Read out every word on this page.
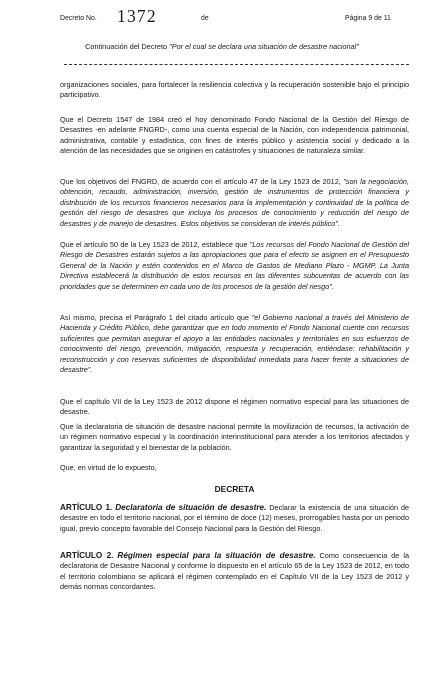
Decreto No. 1372	de	Página 9 de 11
Continuación del Decreto "Por el cual se declara una situación de desastre nacional"
organizaciones sociales, para fortalecer la resiliencia colectiva y la recuperación sostenible bajo el principio participativo.
Que el Decreto 1547 de 1984 creó el hoy denominado Fondo Nacional de la Gestión del Riesgo de Desastres -en adelante FNGRD-, como una cuenta especial de la Nación, con independencia patrimonial, administrativa, contable y estadística, con fines de interés público y asistencia social y dedicado a la atención de las necesidades que se originen en catástrofes y situaciones de naturaleza similar.
Que los objetivos del FNGRD, de acuerdo con el artículo 47 de la Ley 1523 de 2012, "son la negociación, obtención, recaudo, administración, inversión, gestión de instrumentos de protección financiera y distribución de los recursos financieros necesarios para la implementación y continuidad de la política de gestión del riesgo de desastres que incluya los procesos de conocimiento y reducción del riesgo de desastres y de manejo de desastres. Estos objetivos se consideran de interés público".
Que el artículo 50 de la Ley 1523 de 2012, establece que "Los recursos del Fondo Nacional de Gestión del Riesgo de Desastres estarán sujetos a las apropiaciones que para el efecto se asignen en el Presupuesto General de la Nación y estén contenidos en el Marco de Gastos de Mediano Plazo - MGMP. La Junta Directiva establecerá la distribución de estos recursos en las diferentes subcuentas de acuerdo con las prioridades que se determinen en cada uno de los procesos de la gestión del riesgo".
Así mismo, precisa el Parágrafo 1 del citado artículo que "el Gobierno nacional a través del Ministerio de Hacienda y Crédito Público, debe garantizar que en todo momento el Fondo Nacional cuente con recursos suficientes que permitan asegurar el apoyo a las entidades nacionales y territoriales en sus esfuerzos de conocimiento del riesgo, prevención, mitigación, respuesta y recuperación, entiéndase: rehabilitación y reconstrucción y con reservas suficientes de disponibilidad inmediata para hacer frente a situaciones de desastre".
Que el capítulo VII de la Ley 1523 de 2012 dispone el régimen normativo especial para las situaciones de desastre.
Que la declaratoria de situación de desastre nacional permite la movilización de recursos, la activación de un régimen normativo especial y la coordinación interinstitucional para atender a los territorios afectados y garantizar la seguridad y el bienestar de la población.
Que, en virtud de lo expuesto,
DECRETA
ARTÍCULO 1. Declaratoria de situación de desastre. Declarar la existencia de una situación de desastre en todo el territorio nacional, por el término de doce (12) meses, prorrogables hasta por un periodo igual, previo concepto favorable del Consejo Nacional para la Gestión del Riesgo.
ARTÍCULO 2. Régimen especial para la situación de desastre. Como consecuencia de la declaratoria de Desastre Nacional y conforme lo dispuesto en el artículo 65 de la Ley 1523 de 2012, en todo el territorio colombiano se aplicará el régimen contemplado en el Capítulo VII de la Ley 1523 de 2012 y demás normas concordantes.
